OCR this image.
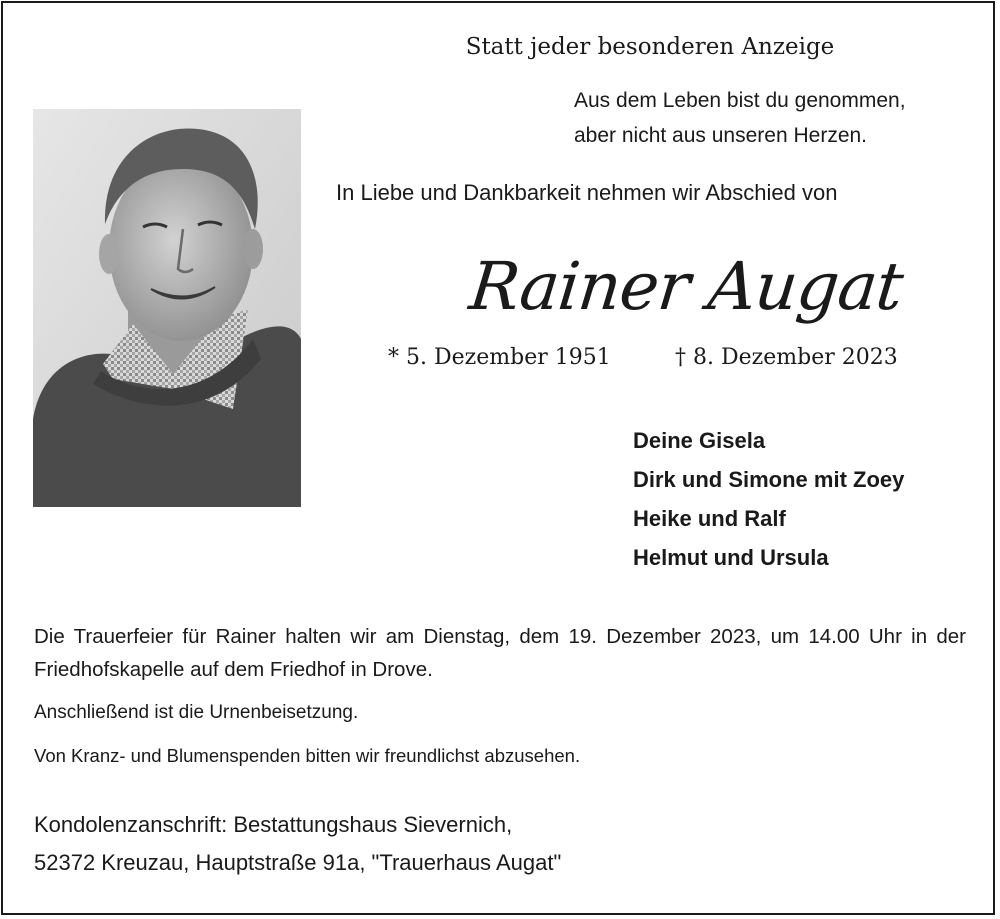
Statt jeder besonderen Anzeige
Aus dem Leben bist du genommen,
aber nicht aus unseren Herzen.
In Liebe und Dankbarkeit nehmen wir Abschied von
Rainer Augat
* 5. Dezember 1951	† 8. Dezember 2023
Deine Gisela
Dirk und Simone mit Zoey
Heike und Ralf
Helmut und Ursula
Die Trauerfeier für Rainer halten wir am Dienstag, dem 19. Dezember 2023, um 14.00 Uhr in der Friedhofskapelle auf dem Friedhof in Drove.
Anschließend ist die Urnenbeisetzung.
Von Kranz- und Blumenspenden bitten wir freundlichst abzusehen.
Kondolenzanschrift: Bestattungshaus Sievernich,
52372 Kreuzau, Hauptstraße 91a, "Trauerhaus Augat"
